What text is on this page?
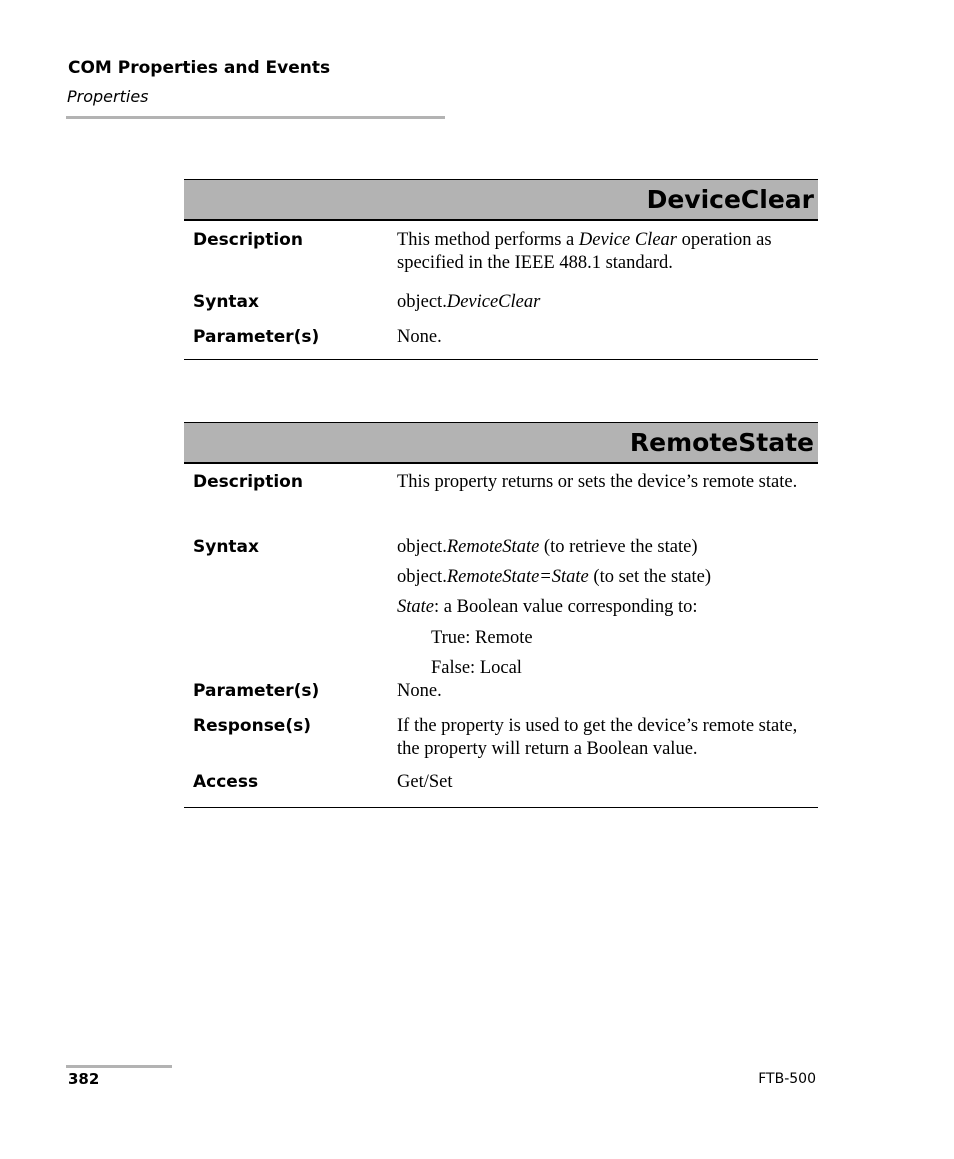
COM Properties and Events
Properties
DeviceClear
Description	This method performs a Device Clear operation as specified in the IEEE 488.1 standard.
Syntax	object.DeviceClear
Parameter(s)	None.
RemoteState
Description	This property returns or sets the device’s remote state.
Syntax	object.RemoteState (to retrieve the state)
object.RemoteState=State (to set the state)
State: a Boolean value corresponding to:
True: Remote
False: Local
Parameter(s)	None.
Response(s)	If the property is used to get the device’s remote state, the property will return a Boolean value.
Access	Get/Set
382	FTB-500
